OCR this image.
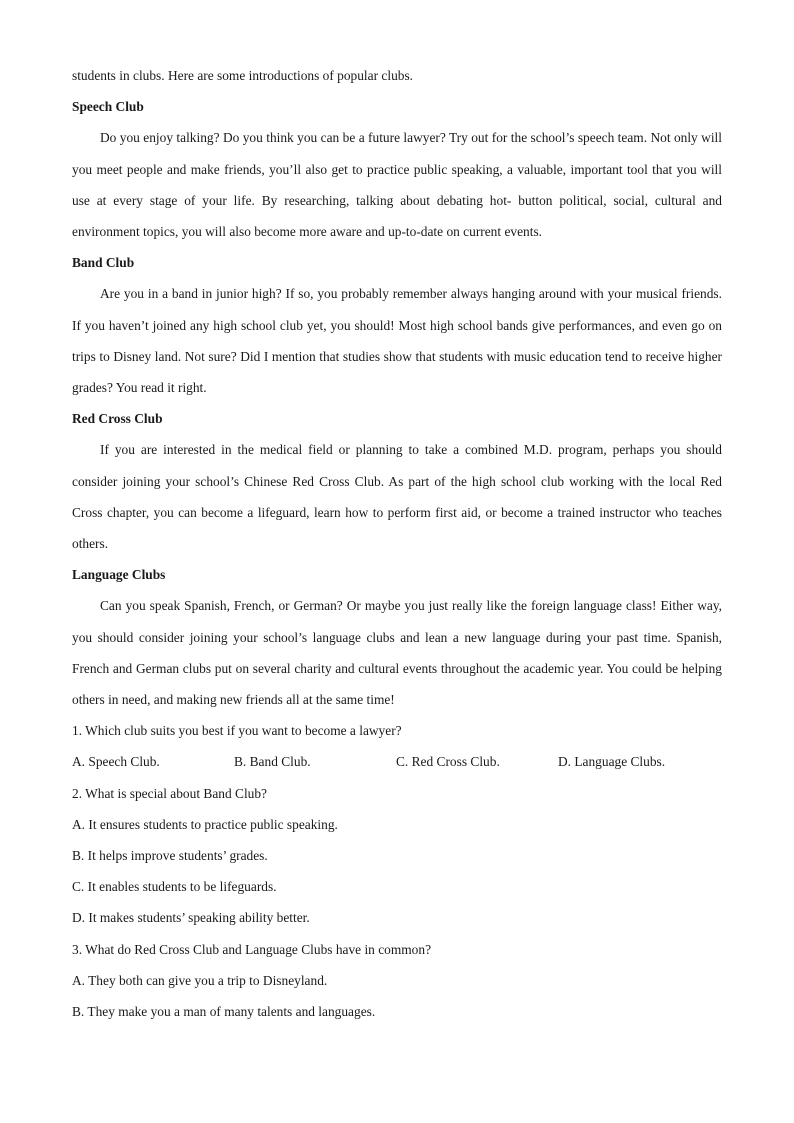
students in clubs. Here are some introductions of popular clubs.

Speech Club

Do you enjoy talking? Do you think you can be a future lawyer? Try out for the school’s speech team. Not only will you meet people and make friends, you’ll also get to practice public speaking, a valuable, important tool that you will use at every stage of your life. By researching, talking about debating hot- button political, social, cultural and environment topics, you will also become more aware and up-to-date on current events.

Band Club

Are you in a band in junior high? If so, you probably remember always hanging around with your musical friends. If you haven’t joined any high school club yet, you should! Most high school bands give performances, and even go on trips to Disney land. Not sure? Did I mention that studies show that students with music education tend to receive higher grades? You read it right.

Red Cross Club

If you are interested in the medical field or planning to take a combined M.D. program, perhaps you should consider joining your school’s Chinese Red Cross Club. As part of the high school club working with the local Red Cross chapter, you can become a lifeguard, learn how to perform first aid, or become a trained instructor who teaches others.

Language Clubs

Can you speak Spanish, French, or German? Or maybe you just really like the foreign language class! Either way, you should consider joining your school’s language clubs and lean a new language during your past time. Spanish, French and German clubs put on several charity and cultural events throughout the academic year. You could be helping others in need, and making new friends all at the same time!

1. Which club suits you best if you want to become a lawyer?

A. Speech Club.	B. Band Club.	C. Red Cross Club.	D. Language Clubs.

2. What is special about Band Club?

A. It ensures students to practice public speaking.

B. It helps improve students’ grades.

C. It enables students to be lifeguards.

D. It makes students’ speaking ability better.

3. What do Red Cross Club and Language Clubs have in common?

A. They both can give you a trip to Disneyland.

B. They make you a man of many talents and languages.
